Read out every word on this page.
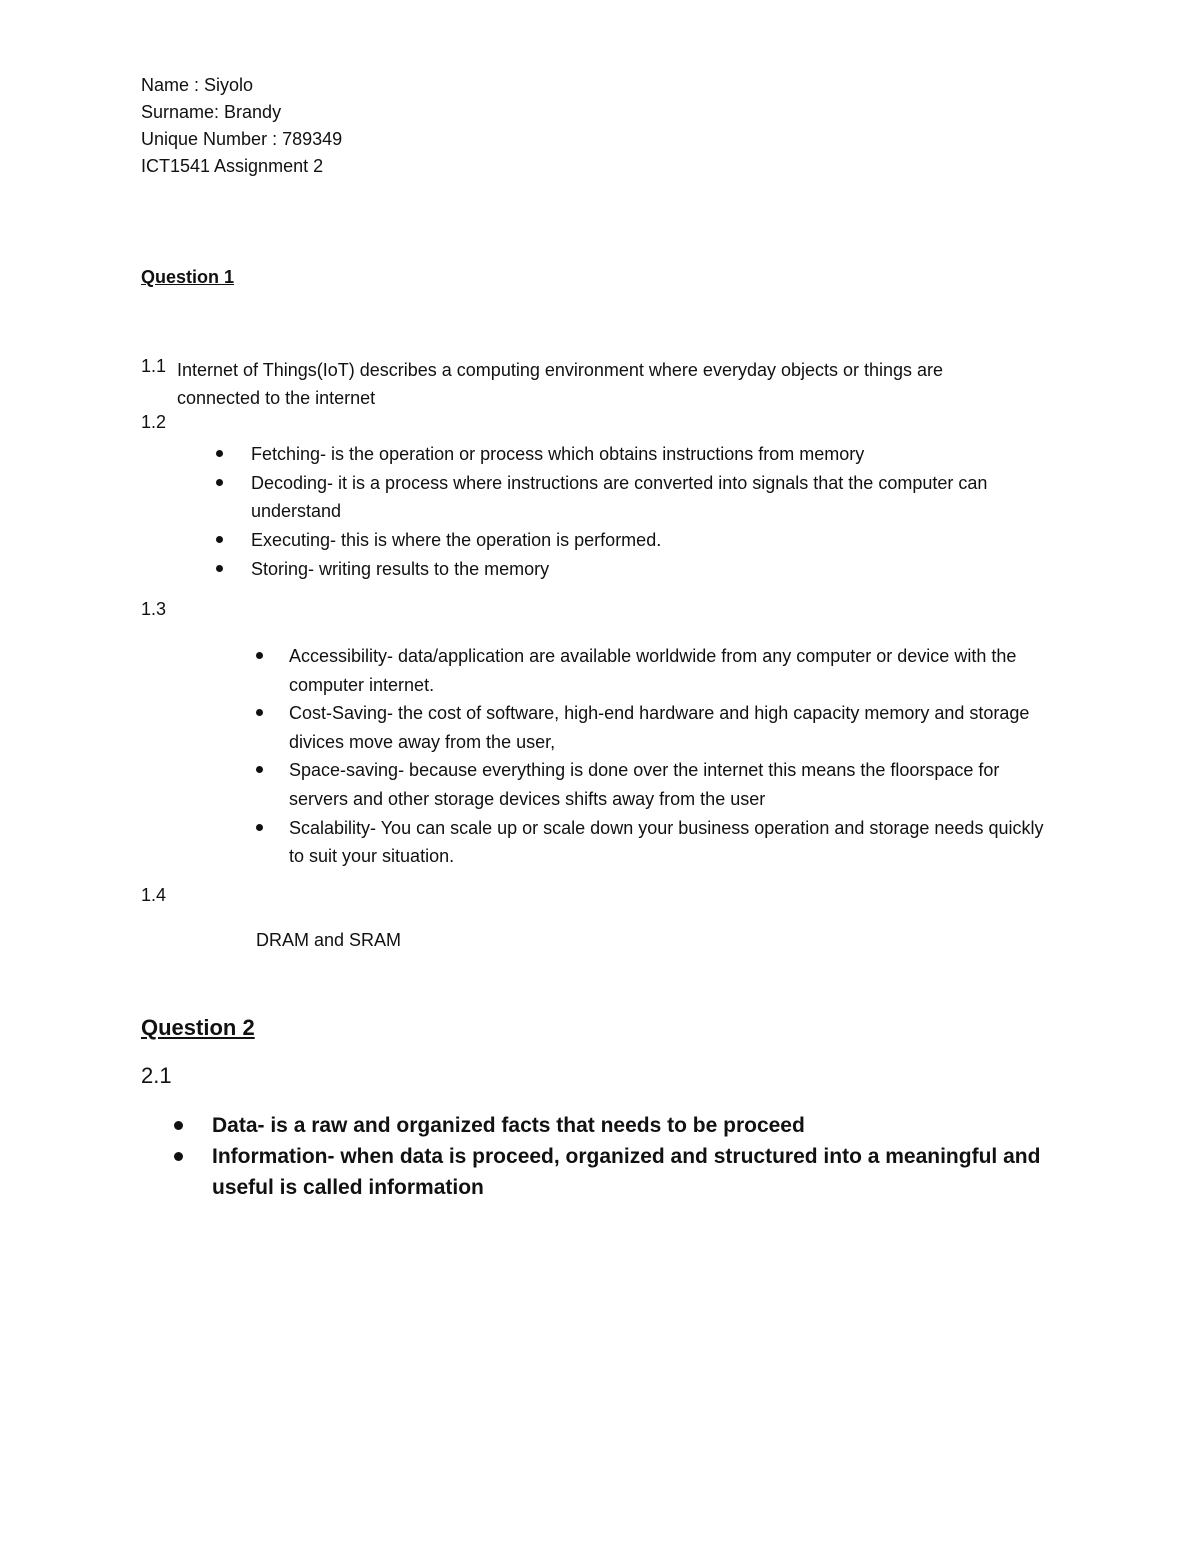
Name : Siyolo
Surname: Brandy
Unique Number : 789349
ICT1541 Assignment 2
Question 1
1.1 Internet of Things(IoT) describes a computing environment where everyday objects or things are
connected to the internet
1.2
Fetching- is the operation or process which obtains instructions from memory
Decoding- it is a process where instructions are converted into signals that the computer can understand
Executing- this is where the operation is performed.
Storing- writing results to the memory
1.3
Accessibility- data/application are available worldwide from any computer or device with the computer internet.
Cost-Saving- the cost of software, high-end hardware and high capacity memory and storage divices move away from the user,
Space-saving- because everything is done over the internet this means the floorspace for servers and other storage devices shifts away from the user
Scalability- You can scale up or scale down your business operation and storage needs quickly to suit your situation.
1.4
DRAM and SRAM
Question 2
2.1
Data- is a raw and organized facts that needs to be proceed
Information- when data is proceed, organized and structured into a meaningful and useful is called information
